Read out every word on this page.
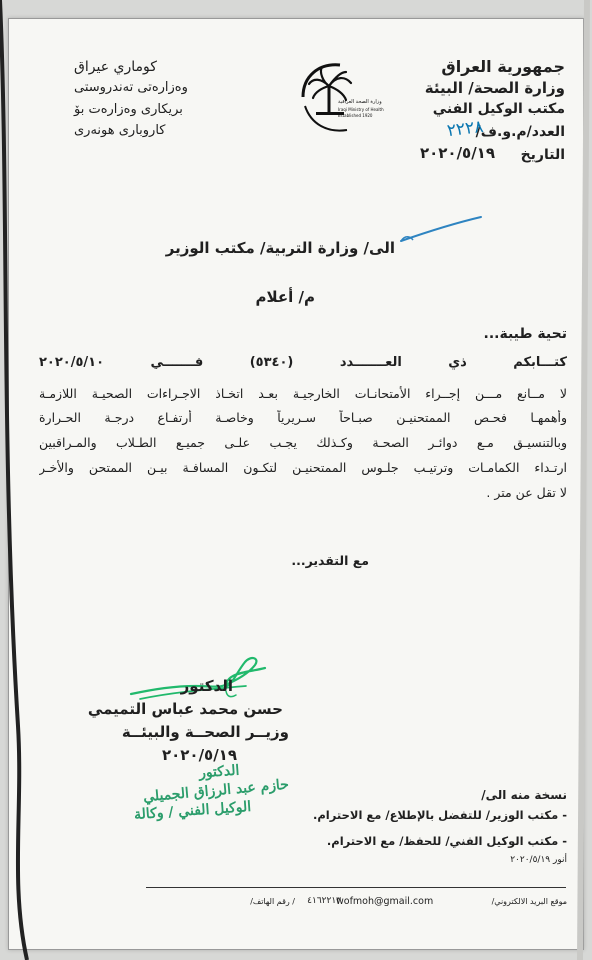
جمهورية العراق
وزارة الصحة/ البيئة
مكتب الوكيل الفني
العدد/م.و.ف/
٢٢٢٨
التاريخ
٢٠٢٠/٥/١٩
كوماري عيراق
وەزارەتی تەندروستی
بریکاری وەزارەت بۆ
کاروباری هونەری
وزارة الصحة العراقية
Iraqi Ministry of Health
Established 1920
الى/ وزارة التربية/ مكتب الوزير
م/ أعلام
تحية طيبة...
كتـــابكم ذي العـــــــدد (٥٣٤٠) فـــــــي ٢٠٢٠/٥/١٠
لا مــانع مـــن إجــراء الأمتحانـات الخارجيـة بعـد اتخـاذ الاجـراءات الصحيـة اللازمـة
وأهمهـا فحـص الممتحنيـن صبـاحاً سـريرياً وخاصـة أرتفـاع درجـة الحـرارة
وبالتنسيـق مـع دوائـر الصحـة وكـذلك يجـب علـى جميـع الطـلاب والمـراقبين
ارتـداء الكمامـات وترتيـب جلـوس الممتحنيـن لتكـون المسافـة بيـن الممتحن والأخـر
لا تقل عن متر .
مع التقدير...
الدكتور
حسن محمد عباس التميمي
وزيــر الصحــة والبيئــة
٢٠٢٠/٥/١٩
الدكتور
حازم عبد الرزاق الجميلي
الوكيل الفني / وكالة
نسخة منه الى/
- مكتب الوزير/ للتفضل بالإطلاع/ مع الاحترام.
- مكتب الوكيل الفني/ للحفظ/ مع الاحترام.
أنور ٢٠٢٠/٥/١٩
موقع البريد الالكتروني/
wofmoh@gmail.com
/ رقم الهاتف/ ٤١٦٢٢١٣
